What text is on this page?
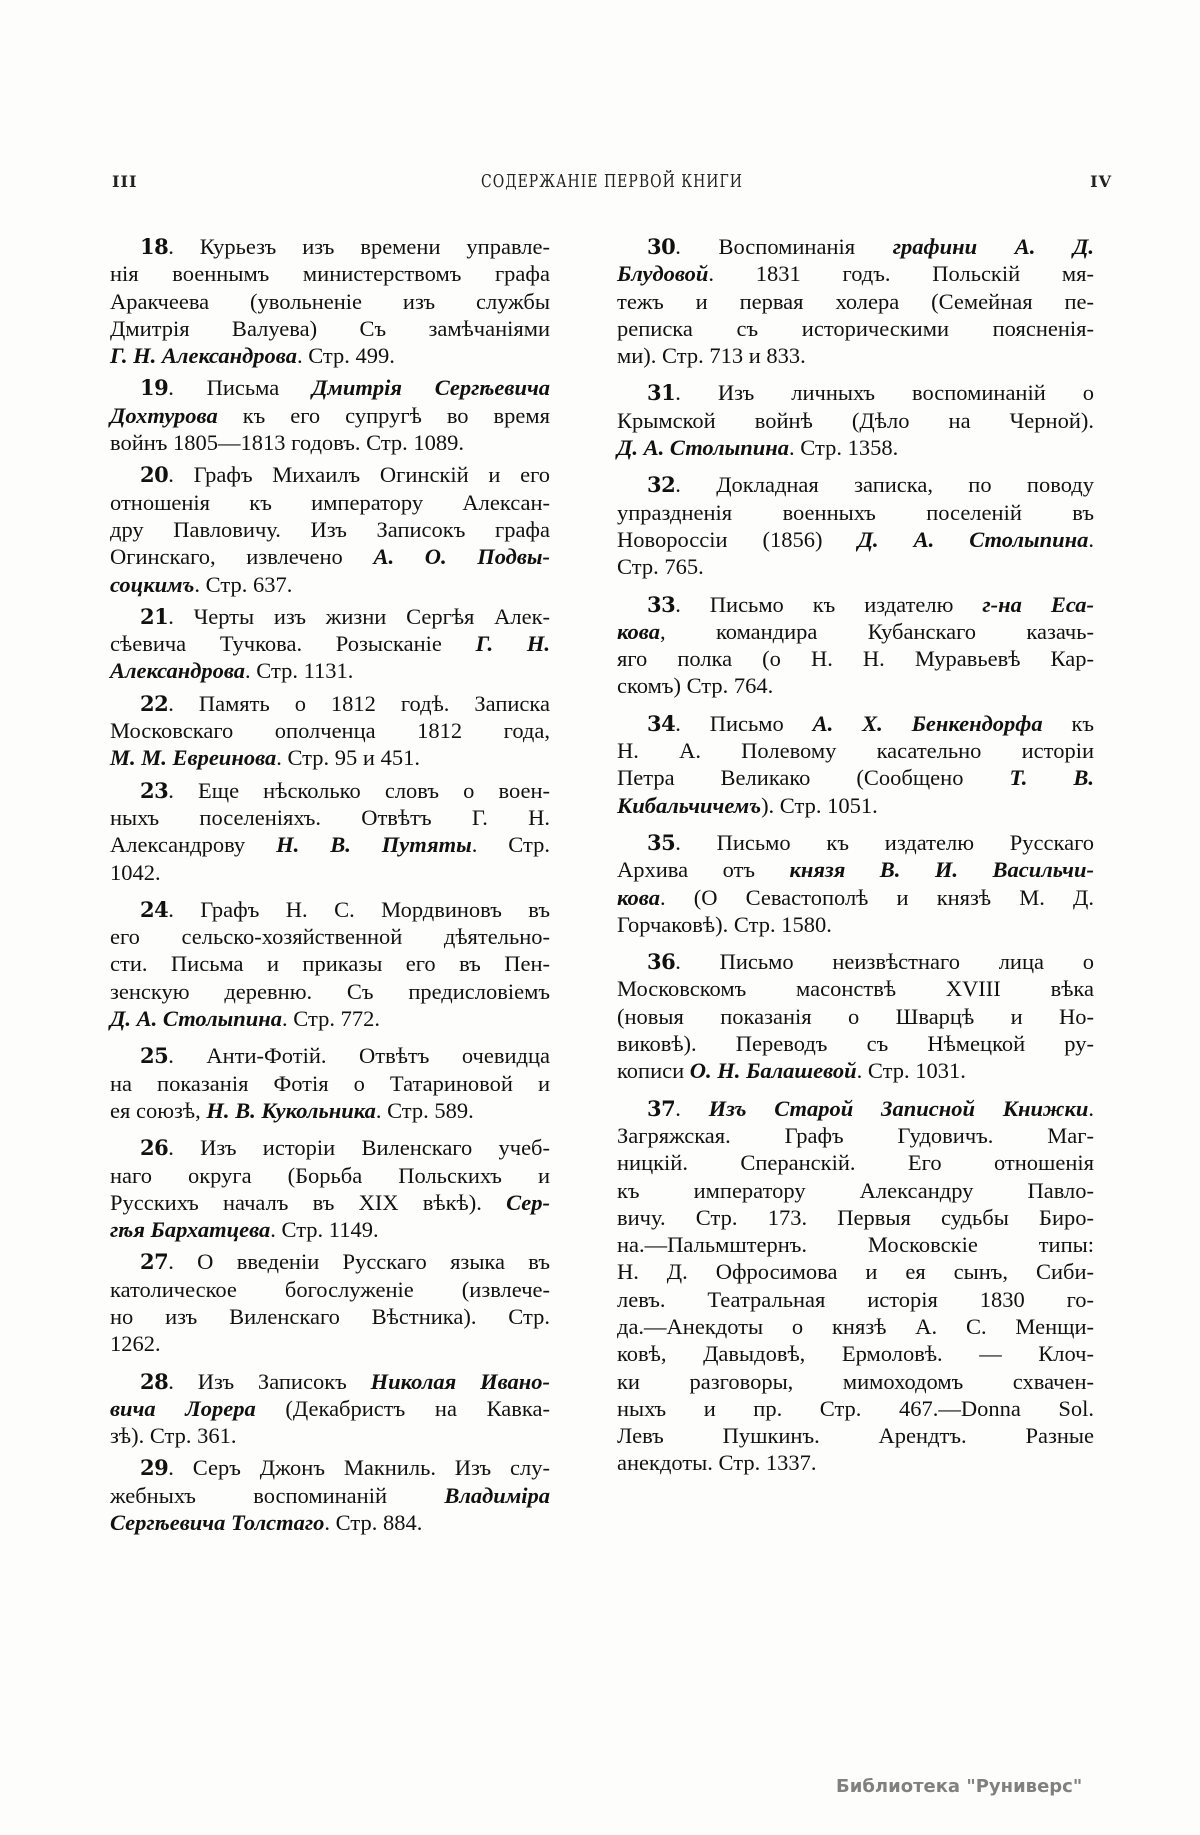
III	СОДЕРЖАНІЕ ПЕРВОЙ КНИГИ	IV
18. Курьезъ изъ времени управле-
нія военнымъ министерствомъ графа
Аракчеева (увольненіе изъ службы
Дмитрія Валуева) Съ замѣчаніями
Г. Н. Александрова. Стр. 499.
19. Письма Дмитрія Сергѣевича
Дохтурова къ его супругѣ во время
войнъ 1805—1813 годовъ. Стр. 1089.
20. Графъ Михаилъ Огинскій и его
отношенія къ императору Алексан-
дру Павловичу. Изъ Записокъ графа
Огинскаго, извлечено А. О. Подвы-
соцкимъ. Стр. 637.
21. Черты изъ жизни Сергѣя Алек-
сѣевича Тучкова. Розысканіе Г. Н.
Александрова. Стр. 1131.
22. Память о 1812 годѣ. Записка
Московскаго ополченца 1812 года,
М. М. Евреинова. Стр. 95 и 451.
23. Еще нѣсколько словъ о воен-
ныхъ поселеніяхъ. Отвѣтъ Г. Н.
Александрову Н. В. Путяты. Стр.
1042.
24. Графъ Н. С. Мордвиновъ въ
его сельско-хозяйственной дѣятельно-
сти. Письма и приказы его въ Пен-
зенскую деревню. Съ предисловіемъ
Д. А. Столыпина. Стр. 772.
25. Анти-Фотій. Отвѣтъ очевидца
на показанія Фотія о Татариновой и
ея союзѣ, Н. В. Кукольника. Стр. 589.
26. Изъ исторіи Виленскаго учеб-
наго округа (Борьба Польскихъ и
Русскихъ началъ въ XIX вѣкѣ). Сер-
гѣя Бархатцева. Стр. 1149.
27. О введеніи Русскаго языка въ
католическое богослуженіе (извлече-
но изъ Виленскаго Вѣстника). Стр.
1262.
28. Изъ Записокъ Николая Ивано-
вича Лорера (Декабристъ на Кавка-
зѣ). Стр. 361.
29. Серъ Джонъ Макниль. Изъ слу-
жебныхъ воспоминаній Владиміра
Сергѣевича Толстаго. Стр. 884.
30. Воспоминанія графини А. Д.
Блудовой. 1831 годъ. Польскій мя-
тежъ и первая холера (Семейная пе-
реписка съ историческими поясненія-
ми). Стр. 713 и 833.
31. Изъ личныхъ воспоминаній о
Крымской войнѣ (Дѣло на Черной).
Д. А. Столыпина. Стр. 1358.
32. Докладная записка, по поводу
упраздненія военныхъ поселеній въ
Новороссіи (1856) Д. А. Столыпина.
Стр. 765.
33. Письмо къ издателю г-на Еса-
кова, командира Кубанскаго казачь-
яго полка (о Н. Н. Муравьевѣ Кар-
скомъ) Стр. 764.
34. Письмо А. Х. Бенкендорфа къ
Н. А. Полевому касательно исторіи
Петра Великако (Сообщено Т. В.
Кибальчичемъ). Стр. 1051.
35. Письмо къ издателю Русскаго
Архива отъ князя В. И. Васильчи-
кова. (О Севастополѣ и князѣ М. Д.
Горчаковѣ). Стр. 1580.
36. Письмо неизвѣстнаго лица о
Московскомъ масонствѣ XVIII вѣка
(новыя показанія о Шварцѣ и Но-
виковѣ). Переводъ съ Нѣмецкой ру-
кописи О. Н. Балашевой. Стр. 1031.
37. Изъ Старой Записной Книжки.
Загряжская. Графъ Гудовичъ. Маг-
ницкій. Сперанскій. Его отношенія
къ императору Александру Павло-
вичу. Стр. 173. Первыя судьбы Биро-
на.—Пальмштернъ. Московскіе типы:
Н. Д. Офросимова и ея сынъ, Сиби-
левъ. Театральная исторія 1830 го-
да.—Анекдоты о князѣ А. С. Менщи-
ковѣ, Давыдовѣ, Ермоловѣ. — Клоч-
ки разговоры, мимоходомъ схвачен-
ныхъ и пр. Стр. 467.—Donna Sol.
Левъ Пушкинъ. Арендтъ. Разные
анекдоты. Стр. 1337.
Библиотека "Руниверс"
